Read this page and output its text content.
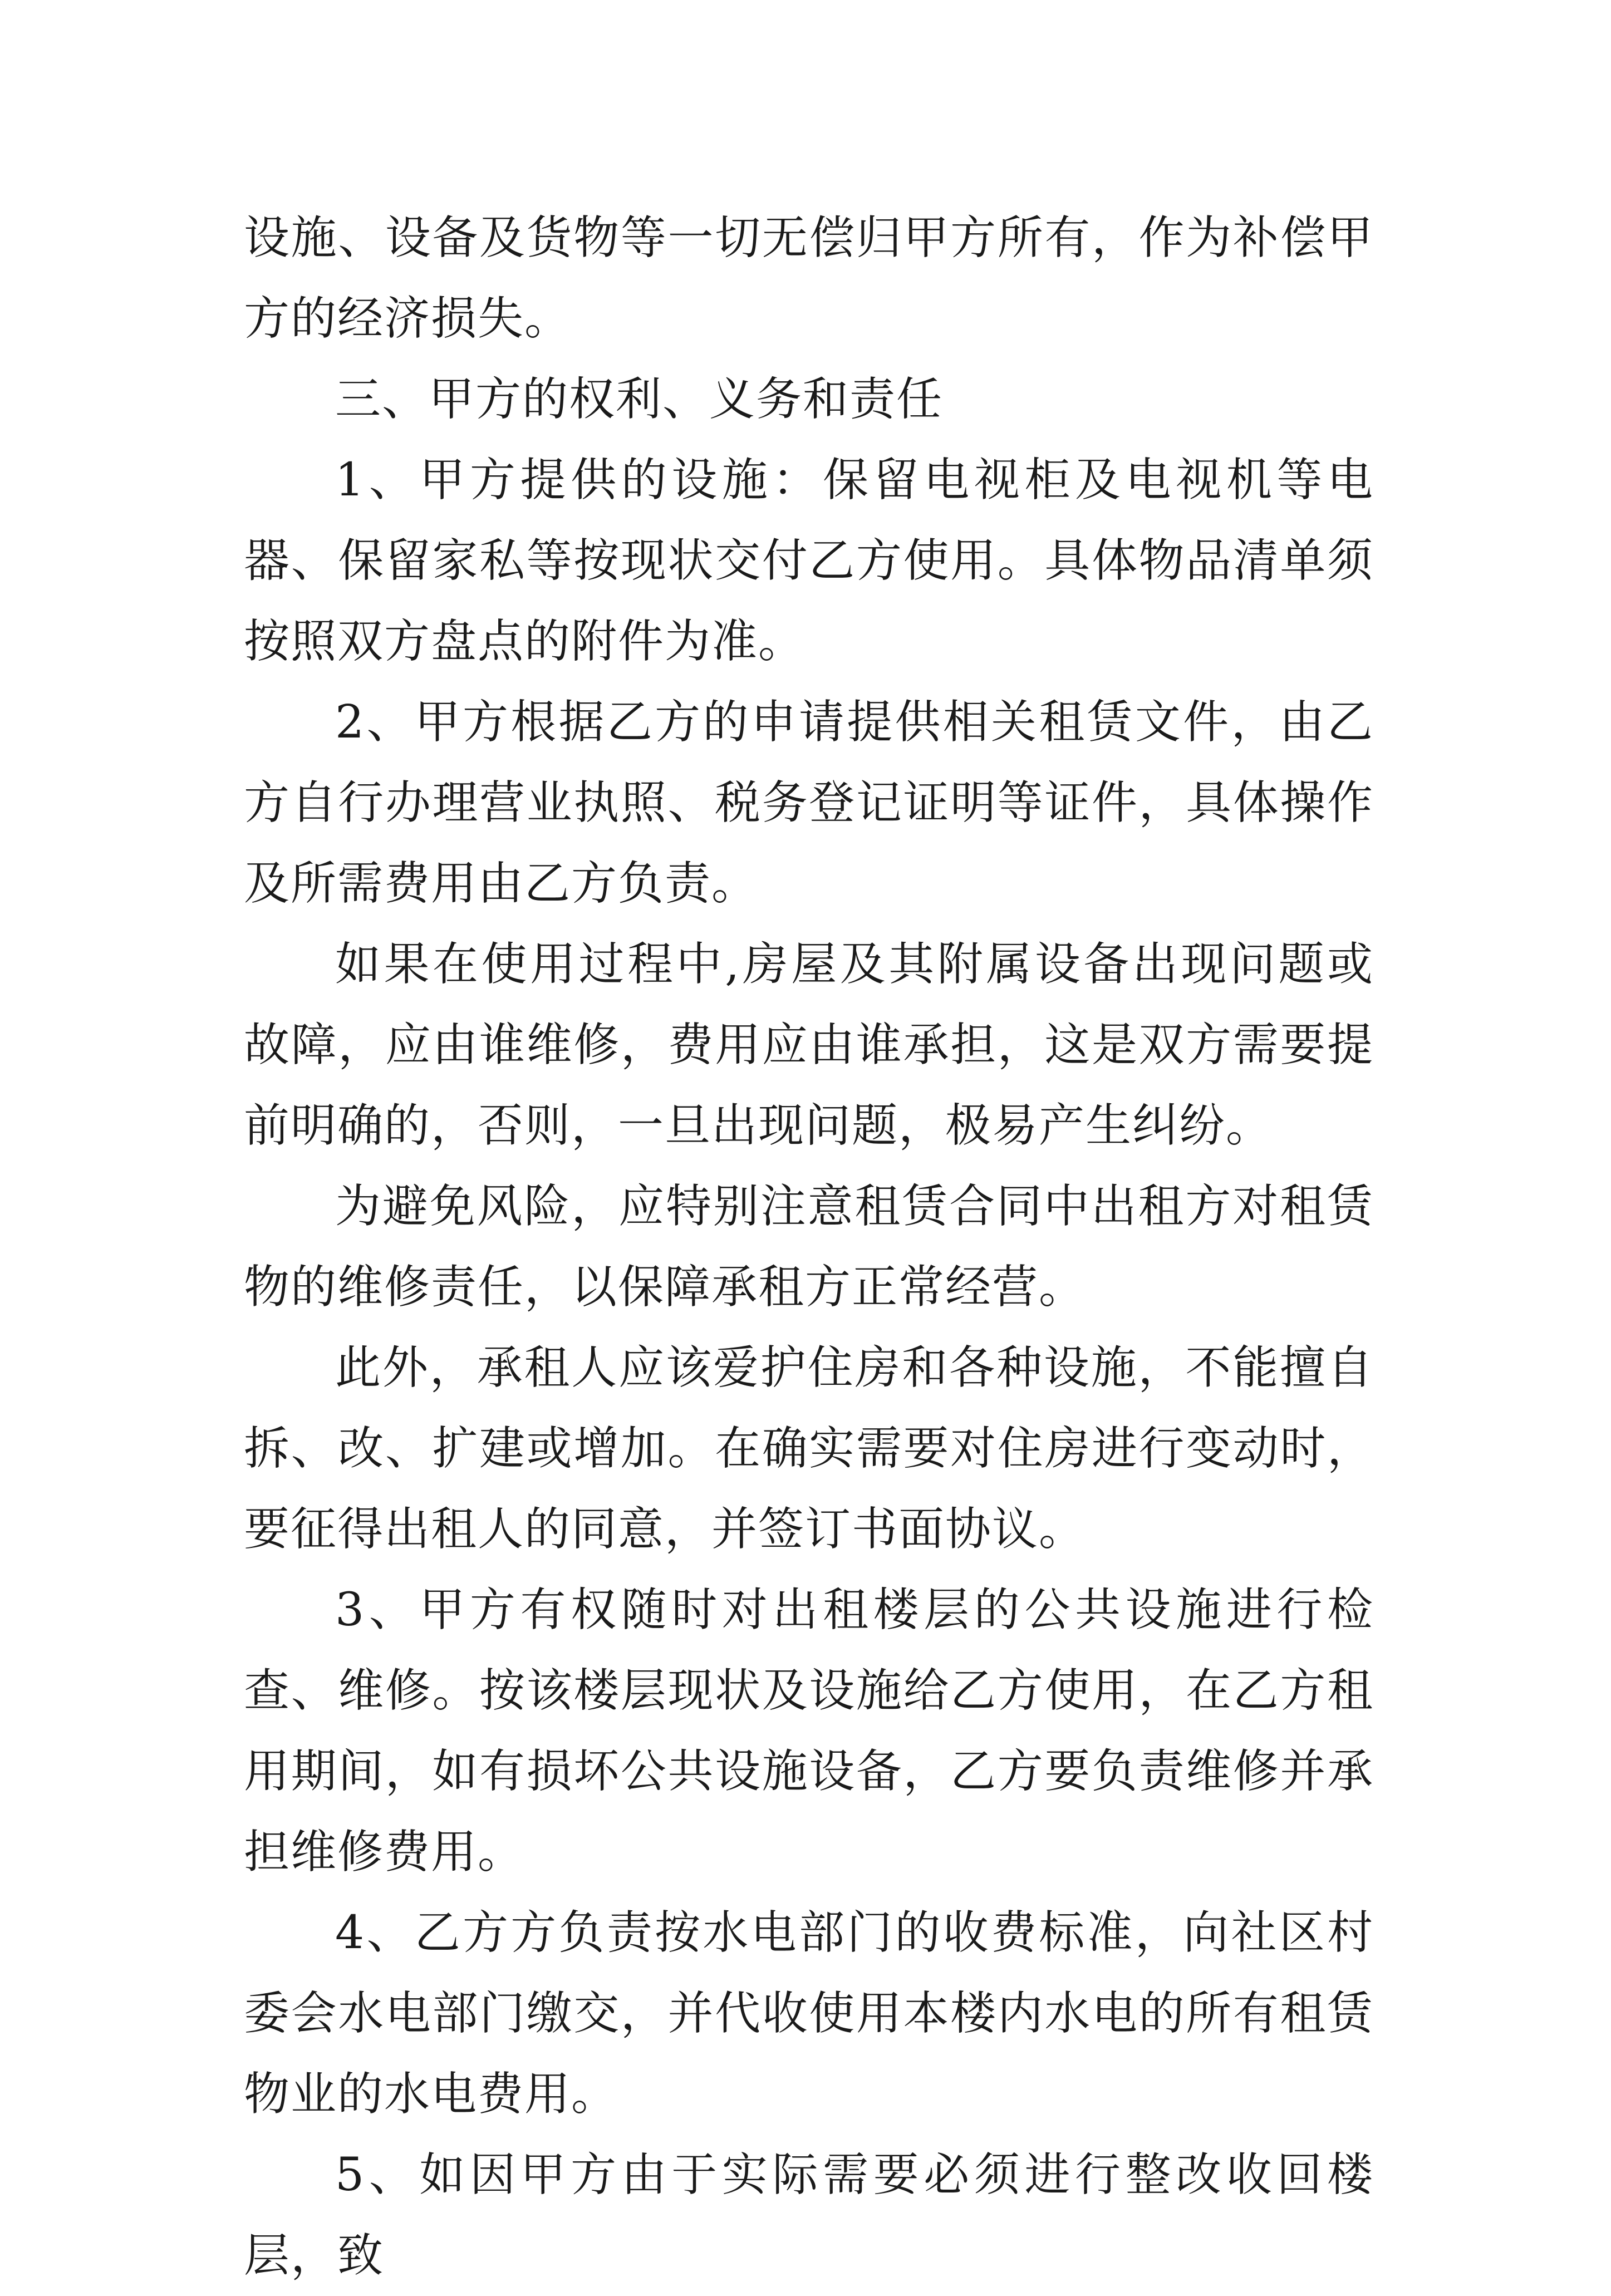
设施、设备及货物等一切无偿归甲方所有，作为补偿甲方的经济损失。

三、甲方的权利、义务和责任

1、甲方提供的设施：保留电视柜及电视机等电器、保留家私等按现状交付乙方使用。具体物品清单须按照双方盘点的附件为准。

2、甲方根据乙方的申请提供相关租赁文件，由乙方自行办理营业执照、税务登记证明等证件，具体操作及所需费用由乙方负责。

如果在使用过程中,房屋及其附属设备出现问题或故障，应由谁维修，费用应由谁承担，这是双方需要提前明确的，否则，一旦出现问题，极易产生纠纷。

为避免风险，应特别注意租赁合同中出租方对租赁物的维修责任，以保障承租方正常经营。

此外，承租人应该爱护住房和各种设施，不能擅自拆、改、扩建或增加。在确实需要对住房进行变动时，要征得出租人的同意，并签订书面协议。

3、甲方有权随时对出租楼层的公共设施进行检查、维修。按该楼层现状及设施给乙方使用，在乙方租用期间，如有损坏公共设施设备，乙方要负责维修并承担维修费用。

4、乙方方负责按水电部门的收费标准，向社区村委会水电部门缴交，并代收使用本楼内水电的所有租赁物业的水电费用。

5、如因甲方由于实际需要必须进行整改收回楼层，致
